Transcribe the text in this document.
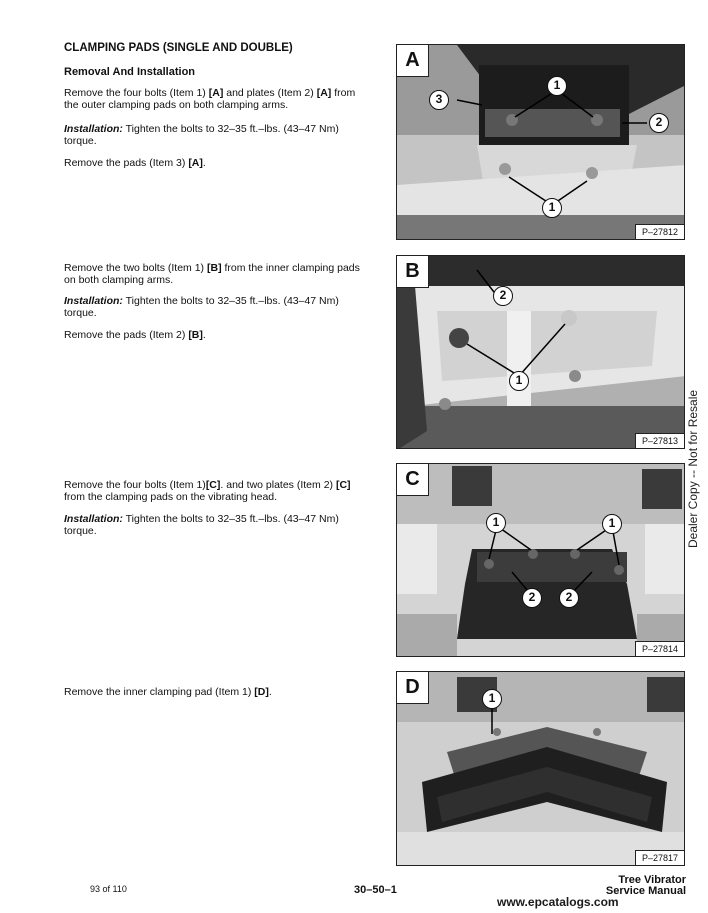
CLAMPING PADS (SINGLE AND DOUBLE)
Removal And Installation

Remove the four bolts (Item 1) [A] and plates (Item 2) [A] from the outer clamping pads on both clamping arms.

Installation: Tighten the bolts to 32–35 ft.–lbs. (43–47 Nm) torque.

Remove the pads (Item 3) [A].

Remove the two bolts (Item 1) [B] from the inner clamping pads on both clamping arms.

Installation: Tighten the bolts to 32–35 ft.–lbs. (43–47 Nm) torque.

Remove the pads (Item 2) [B].

Remove the four bolts (Item 1)[C]. and two plates (Item 2) [C] from the clamping pads on the vibrating head.

Installation: Tighten the bolts to 32–35 ft.–lbs. (43–47 Nm) torque.

Remove the inner clamping pad (Item 1) [D].

A
1
3
2
1
P–27812
B
2
1
P–27813
C
1	1
2	2
P–27814
D	1
P–27817
Dealer Copy -- Not for Resale
93 of 110	30–50–1
Tree Vibrator
Service Manual
www.epcatalogs.com
